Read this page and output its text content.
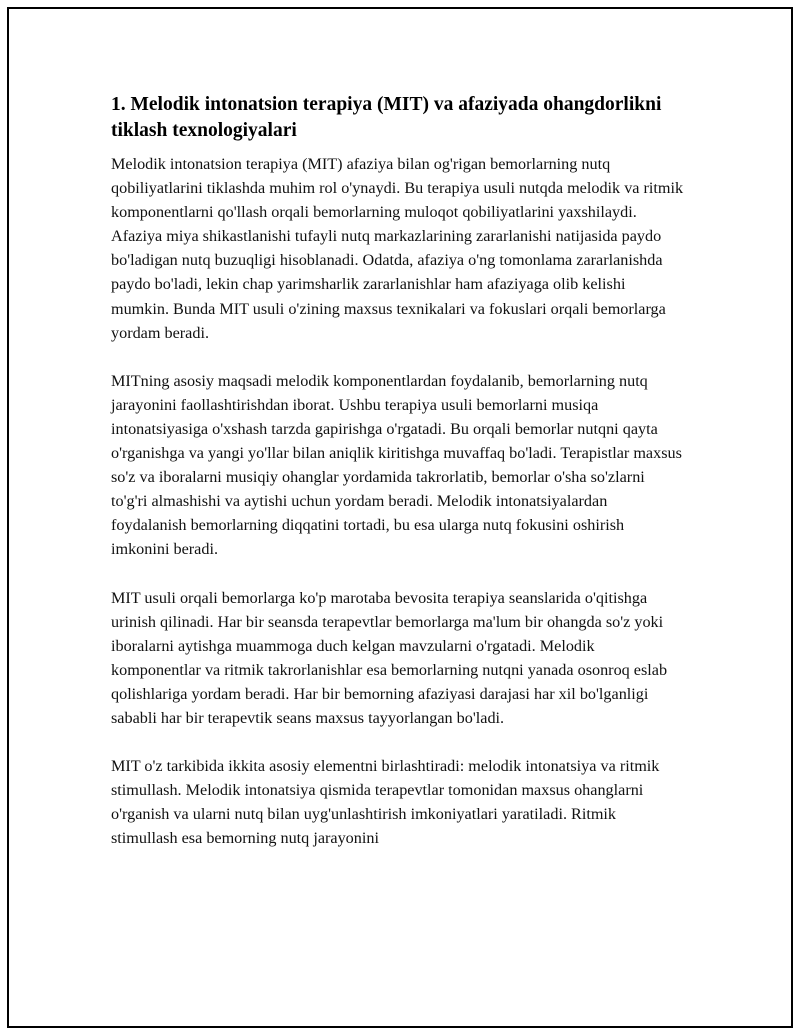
1. Melodik intonatsion terapiya (MIT) va afaziyada ohangdorlikni tiklash texnologiyalari

Melodik intonatsion terapiya (MIT) afaziya bilan og'rigan bemorlarning nutq qobiliyatlarini tiklashda muhim rol o'ynaydi. Bu terapiya usuli nutqda melodik va ritmik komponentlarni qo'llash orqali bemorlarning muloqot qobiliyatlarini yaxshilaydi. Afaziya miya shikastlanishi tufayli nutq markazlarining zararlanishi natijasida paydo bo'ladigan nutq buzuqligi hisoblanadi. Odatda, afaziya o'ng tomonlama zararlanishda paydo bo'ladi, lekin chap yarimsharlik zararlanishlar ham afaziyaga olib kelishi mumkin. Bunda MIT usuli o'zining maxsus texnikalari va fokuslari orqali bemorlarga yordam beradi.

MITning asosiy maqsadi melodik komponentlardan foydalanib, bemorlarning nutq jarayonini faollashtirishdan iborat. Ushbu terapiya usuli bemorlarni musiqa intonatsiyasiga o'xshash tarzda gapirishga o'rgatadi. Bu orqali bemorlar nutqni qayta o'rganishga va yangi yo'llar bilan aniqlik kiritishga muvaffaq bo'ladi. Terapistlar maxsus so'z va iboralarni musiqiy ohanglar yordamida takrorlatib, bemorlar o'sha so'zlarni to'g'ri almashishi va aytishi uchun yordam beradi. Melodik intonatsiyalardan foydalanish bemorlarning diqqatini tortadi, bu esa ularga nutq fokusini oshirish imkonini beradi.

MIT usuli orqali bemorlarga ko'p marotaba bevosita terapiya seanslarida o'qitishga urinish qilinadi. Har bir seansda terapevtlar bemorlarga ma'lum bir ohangda so'z yoki iboralarni aytishga muammoga duch kelgan mavzularni o'rgatadi. Melodik komponentlar va ritmik takrorlanishlar esa bemorlarning nutqni yanada osonroq eslab qolishlariga yordam beradi. Har bir bemorning afaziyasi darajasi har xil bo'lganligi sababli har bir terapevtik seans maxsus tayyorlangan bo'ladi.

MIT o'z tarkibida ikkita asosiy elementni birlashtiradi: melodik intonatsiya va ritmik stimullash. Melodik intonatsiya qismida terapevtlar tomonidan maxsus ohanglarni o'rganish va ularni nutq bilan uyg'unlashtirish imkoniyatlari yaratiladi. Ritmik stimullash esa bemorning nutq jarayonini
